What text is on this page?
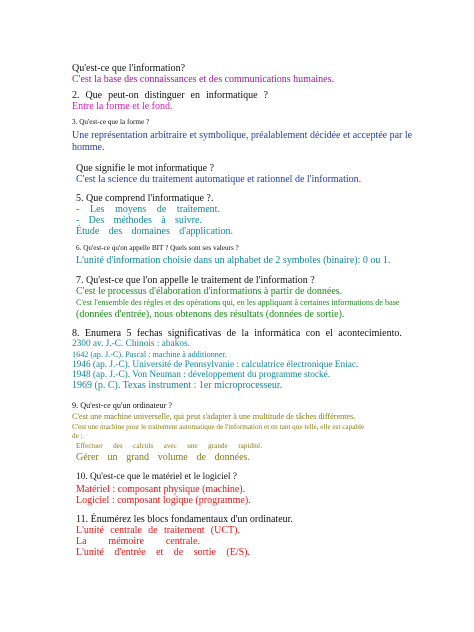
Qu'est-ce que l'information?
C'est la base des connaissances et des communications humaines.
2. Que peut-on distinguer en informatique ?
Entre la forme et le fond.
3. Qu'est-ce que la forme ?
Une représentation arbitraire et symbolique, préalablement décidée et acceptée par le
homme.
Que signifie le mot informatique ?
C'est la science du traitement automatique et rationnel de l'information.
5. Que comprend l'informatique ?.
- Les moyens de traitement.
- Des méthodes à suivre.
Étude des domaines d'application.
6. Qu'est-ce qu'on appelle BIT ? Quels sont ses valeurs ?
L'unité d'information choisie dans un alphabet de 2 symboles (binaire): 0 ou 1.
7. Qu'est-ce que l'on appelle le traitement de l'information ?
C'est le processus d'élaboration d'informations à partir de données.
C'est l'ensemble des règles et des opérations qui, en les appliquant à certaines informations de base
(données d'entrée), nous obtenons des résultats (données de sortie).
8. Enumera 5 fechas significativas de la informática con el acontecimiento.
2300 av. J.-C. Chinois : abakos.
1642 (ap. J.-C). Pascal : machine à additionner.
1946 (ap. J.-C). Université de Pennsylvanie : calculatrice électronique Eniac.
1948 (ap. J.-C). Von Neuman : développement du programme stocké.
1969 (p. C). Texas instrument : 1er microprocesseur.
9. Qu'est-ce qu'un ordinateur ?
C'est une machine universelle, qui peut s'adapter à une multitude de tâches différentes.
C'est une machine pour le traitement automatique de l'information et en tant que telle, elle est capable
de :
Effectuer des calculs avec une grande rapidité.
Gérer un grand volume de données.
10. Qu'est-ce que le matériel et le logiciel ?
Matériel : composant physique (machine).
Logiciel : composant logique (programme).
11. Énumérez les blocs fondamentaux d'un ordinateur.
L'unité centrale de traitement (UCT).
La mémoire centrale.
L'unité d'entrée et de sortie (E/S).
